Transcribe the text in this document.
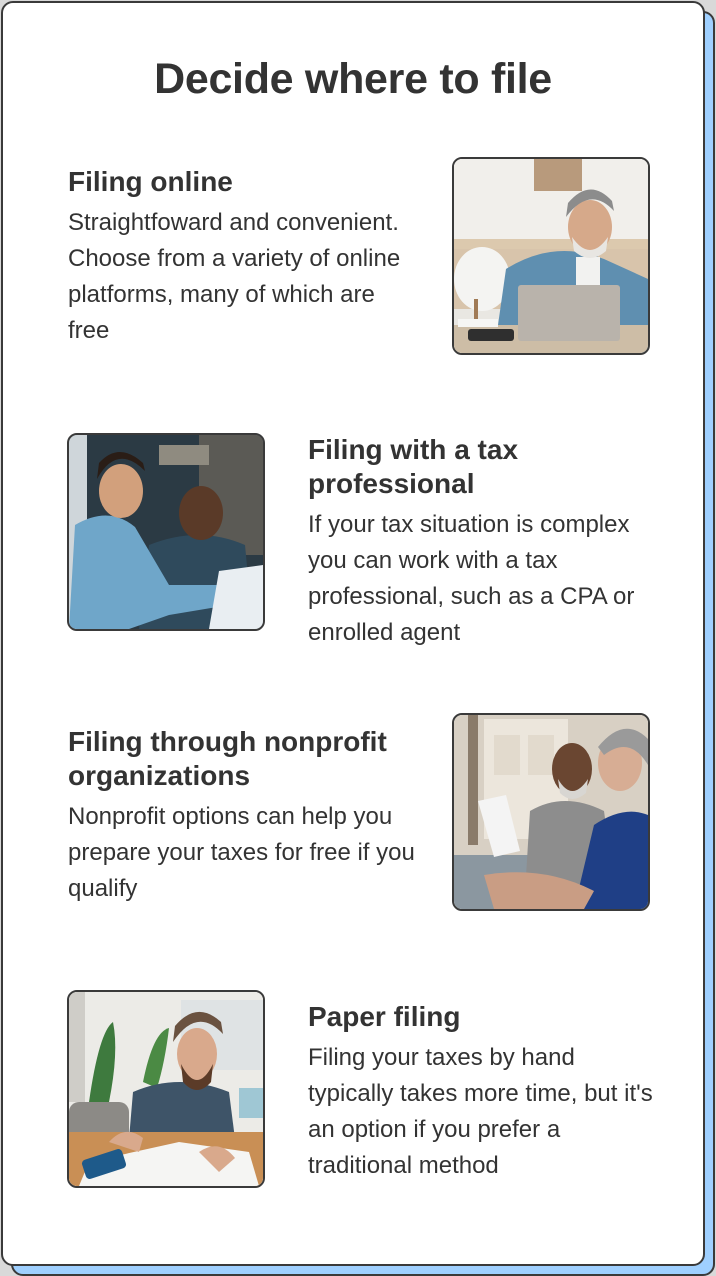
Decide where to file
Filing online

Straightfoward and convenient. Choose from a variety of online platforms, many of which are free

Filing with a tax professional

If your tax situation is complex you can work with a tax professional, such as a CPA or enrolled agent

Filing through nonprofit organizations

Nonprofit options can help you prepare your taxes for free if you qualify

Paper filing

Filing your taxes by hand typically takes more time, but it's an option if you prefer a traditional method
